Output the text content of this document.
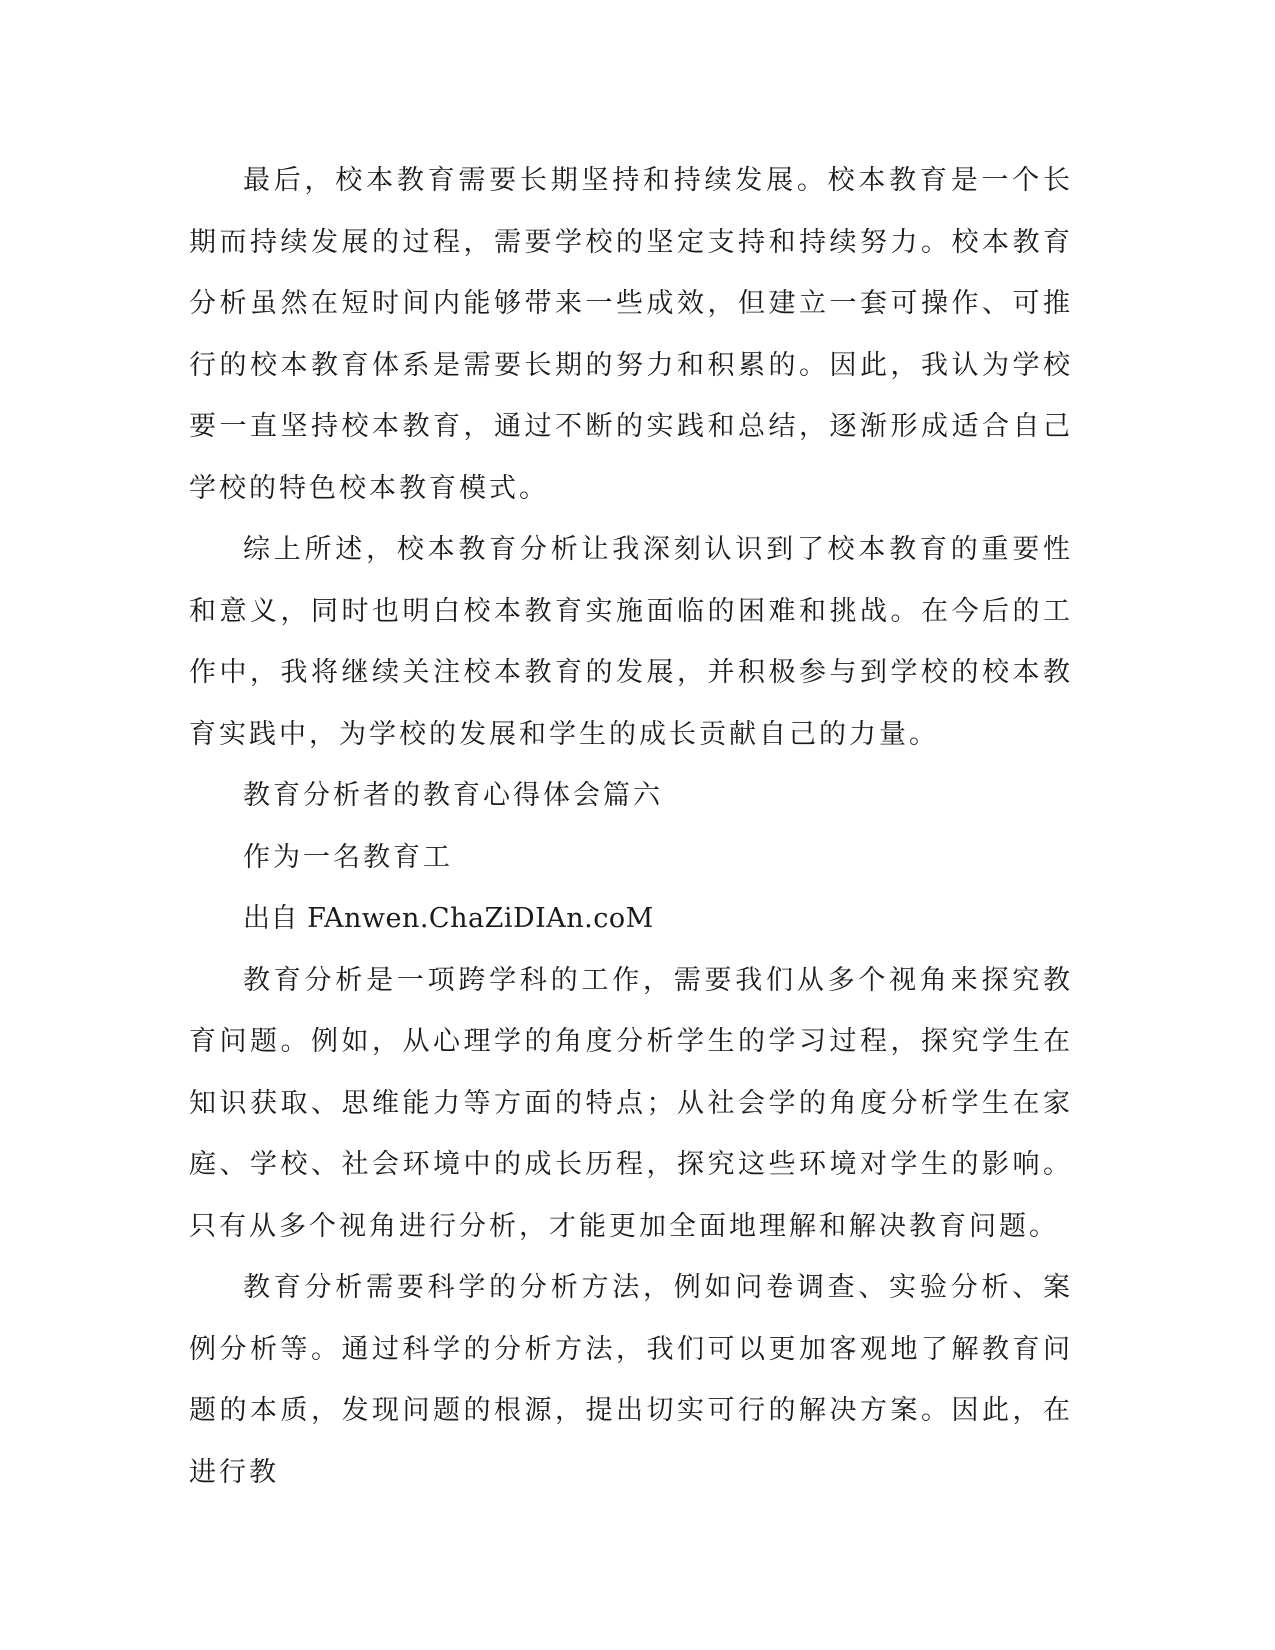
最后，校本教育需要长期坚持和持续发展。校本教育是一个长期而持续发展的过程，需要学校的坚定支持和持续努力。校本教育分析虽然在短时间内能够带来一些成效，但建立一套可操作、可推行的校本教育体系是需要长期的努力和积累的。因此，我认为学校要一直坚持校本教育，通过不断的实践和总结，逐渐形成适合自己学校的特色校本教育模式。

综上所述，校本教育分析让我深刻认识到了校本教育的重要性和意义，同时也明白校本教育实施面临的困难和挑战。在今后的工作中，我将继续关注校本教育的发展，并积极参与到学校的校本教育实践中，为学校的发展和学生的成长贡献自己的力量。

教育分析者的教育心得体会篇六

作为一名教育工

出自 FAnwen.ChaZiDIAn.coM

教育分析是一项跨学科的工作，需要我们从多个视角来探究教育问题。例如，从心理学的角度分析学生的学习过程，探究学生在知识获取、思维能力等方面的特点；从社会学的角度分析学生在家庭、学校、社会环境中的成长历程，探究这些环境对学生的影响。只有从多个视角进行分析，才能更加全面地理解和解决教育问题。

教育分析需要科学的分析方法，例如问卷调查、实验分析、案例分析等。通过科学的分析方法，我们可以更加客观地了解教育问题的本质，发现问题的根源，提出切实可行的解决方案。因此，在进行教
